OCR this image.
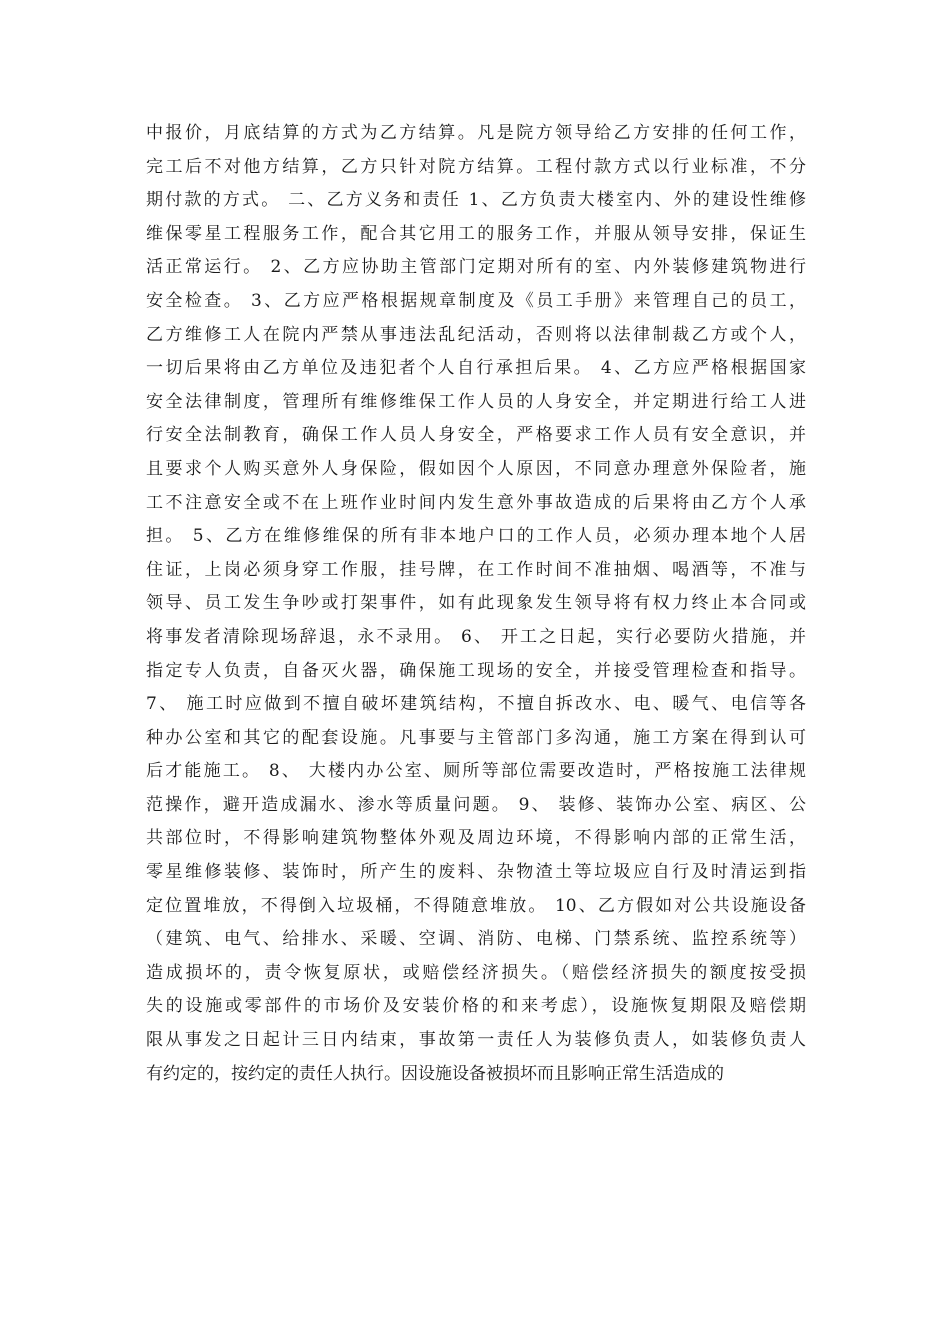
中报价，月底结算的方式为乙方结算。凡是院方领导给乙方安排的任何工作，
完工后不对他方结算，乙方只针对院方结算。工程付款方式以行业标准，不分
期付款的方式。 二、乙方义务和责任 1、乙方负责大楼室内、外的建设性维修
维保零星工程服务工作，配合其它用工的服务工作，并服从领导安排，保证生
活正常运行。 2、乙方应协助主管部门定期对所有的室、内外装修建筑物进行
安全检查。 3、乙方应严格根据规章制度及《员工手册》来管理自己的员工，
乙方维修工人在院内严禁从事违法乱纪活动，否则将以法律制裁乙方或个人，
一切后果将由乙方单位及违犯者个人自行承担后果。 4、乙方应严格根据国家
安全法律制度，管理所有维修维保工作人员的人身安全，并定期进行给工人进
行安全法制教育，确保工作人员人身安全，严格要求工作人员有安全意识，并
且要求个人购买意外人身保险，假如因个人原因，不同意办理意外保险者，施
工不注意安全或不在上班作业时间内发生意外事故造成的后果将由乙方个人承
担。 5、乙方在维修维保的所有非本地户口的工作人员，必须办理本地个人居
住证，上岗必须身穿工作服，挂号牌，在工作时间不准抽烟、喝酒等，不准与
领导、员工发生争吵或打架事件，如有此现象发生领导将有权力终止本合同或
将事发者清除现场辞退，永不录用。 6、 开工之日起，实行必要防火措施，并
指定专人负责，自备灭火器，确保施工现场的安全，并接受管理检查和指导。
7、 施工时应做到不擅自破坏建筑结构，不擅自拆改水、电、暖气、电信等各
种办公室和其它的配套设施。凡事要与主管部门多沟通，施工方案在得到认可
后才能施工。 8、 大楼内办公室、厕所等部位需要改造时，严格按施工法律规
范操作，避开造成漏水、渗水等质量问题。 9、 装修、装饰办公室、病区、公
共部位时，不得影响建筑物整体外观及周边环境，不得影响内部的正常生活，
零星维修装修、装饰时，所产生的废料、杂物渣土等垃圾应自行及时清运到指
定位置堆放，不得倒入垃圾桶，不得随意堆放。 10、乙方假如对公共设施设备
（建筑、电气、给排水、采暖、空调、消防、电梯、门禁系统、监控系统等）
造成损坏的，责令恢复原状，或赔偿经济损失。（赔偿经济损失的额度按受损
失的设施或零部件的市场价及安装价格的和来考虑），设施恢复期限及赔偿期
限从事发之日起计三日内结束，事故第一责任人为装修负责人，如装修负责人
有约定的，按约定的责任人执行。因设施设备被损坏而且影响正常生活造成的
